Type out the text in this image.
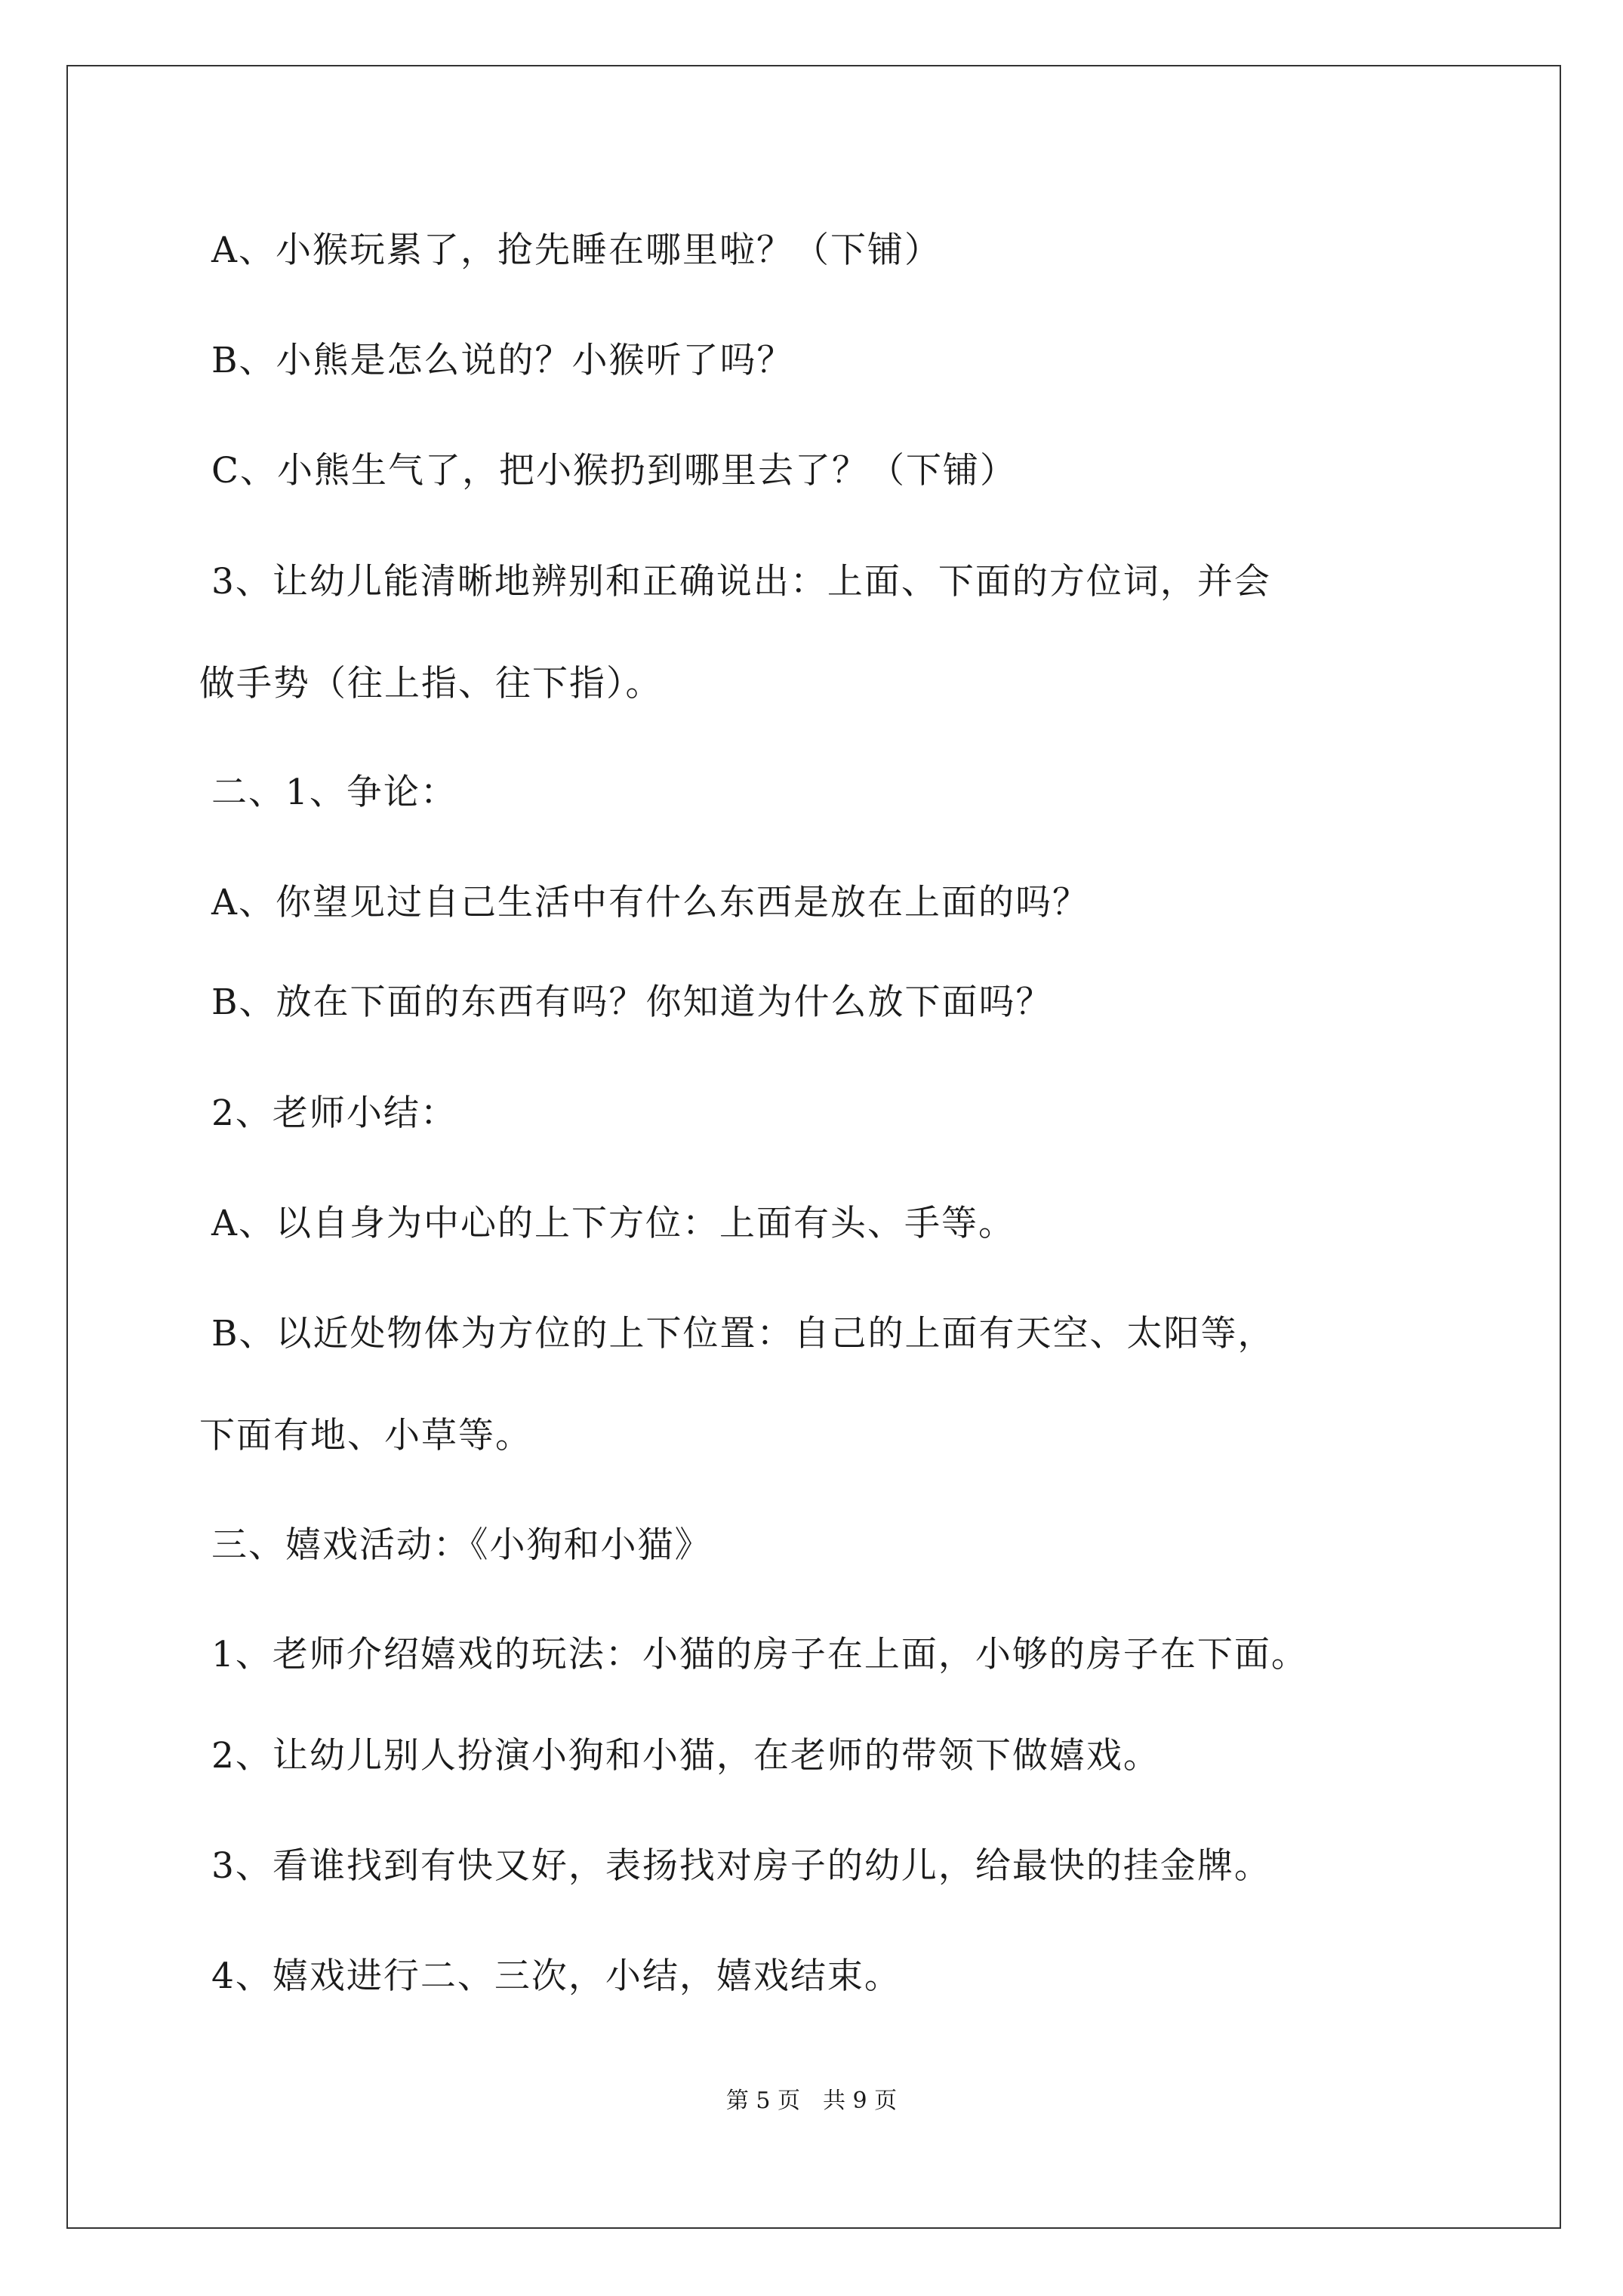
A、小猴玩累了，抢先睡在哪里啦？（下铺）
B、小熊是怎么说的？小猴听了吗？
C、小熊生气了，把小猴扔到哪里去了？（下铺）
3、让幼儿能清晰地辨别和正确说出：上面、下面的方位词，并会
做手势（往上指、往下指）。
二、1、争论：
A、你望见过自己生活中有什么东西是放在上面的吗？
B、放在下面的东西有吗？你知道为什么放下面吗？
2、老师小结：
A、以自身为中心的上下方位：上面有头、手等。
B、以近处物体为方位的上下位置：自己的上面有天空、太阳等，
下面有地、小草等。
三、嬉戏活动：《小狗和小猫》
1、老师介绍嬉戏的玩法：小猫的房子在上面，小够的房子在下面。
2、让幼儿别人扮演小狗和小猫，在老师的带领下做嬉戏。
3、看谁找到有快又好，表扬找对房子的幼儿，给最快的挂金牌。
4、嬉戏进行二、三次，小结，嬉戏结束。
第 5 页　共 9 页
